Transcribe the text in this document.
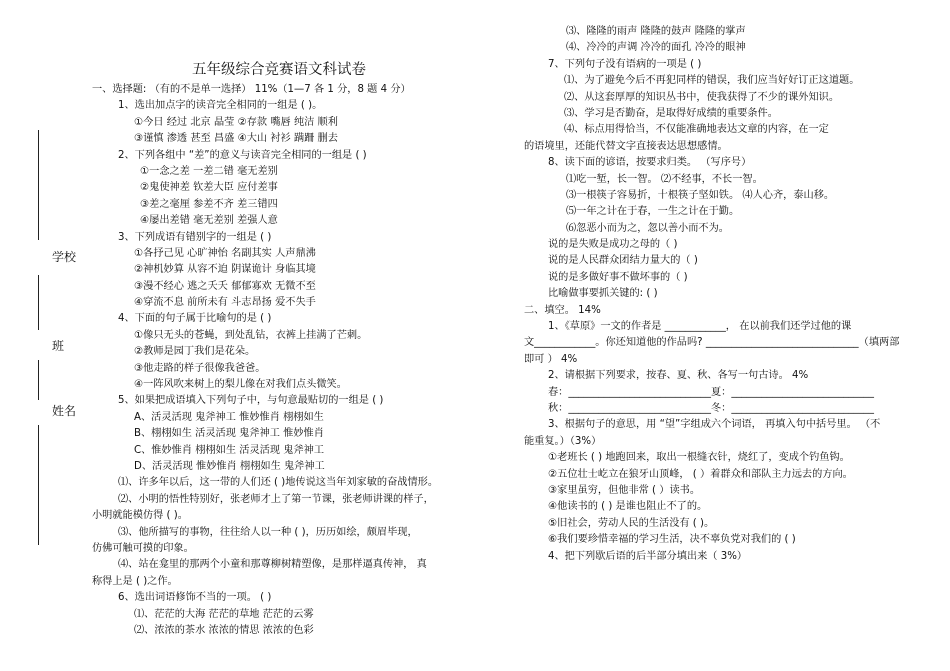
学校
班
姓名
五年级综合竞赛语文科试卷
一、选择题: （有的不是单一选择） 11%（1—7 各 1 分，8 题 4 分）
1、选出加点字的读音完全相同的一组是 ( )。
①今日 经过 北京 晶莹 ②存款 嘴唇 纯洁 顺利
③谨慎 渗透 甚至 昌盛 ④大山 衬衫 蹒跚 删去
2、下列各组中 “差”的意义与读音完全相同的一组是 ( )
①一念之差 一差二错 毫无差别
②鬼使神差 钦差大臣 应付差事
③差之毫厘 参差不齐 差三错四
④屡出差错 毫无差别 差强人意
3、下列成语有错别字的一组是 ( )
①各抒己见 心旷神怡 名副其实 人声鼎沸
②神机妙算 从容不迫 阴谋诡计 身临其境
③漫不经心 逃之夭夭 郁郁寡欢 无微不至
④穿流不息 前所未有 斗志昂扬 爱不失手
4、下面的句子属于比喻句的是 ( )
①像只无头的苍蝇，到处乱钻，衣裤上挂满了芒刺。
②教师是园丁我们是花朵。
③他走路的样子很像我爸爸。
④一阵风吹来树上的梨儿像在对我们点头微笑。
5、如果把成语填入下列句子中，与句意最贴切的一组是 ( )
A、活灵活现 鬼斧神工 惟妙惟肖 栩栩如生
B、栩栩如生 活灵活现 鬼斧神工 惟妙惟肖
C、惟妙惟肖 栩栩如生 活灵活现 鬼斧神工
D、活灵活现 惟妙惟肖 栩栩如生 鬼斧神工
⑴、许多年以后，这一带的人们还 ( )地传说这当年刘家敏的奋战情形。
⑵、小明的悟性特别好，张老师才上了第一节课，张老师讲课的样子，
小明就能模仿得 ( )。
⑶、他所描写的事物，往往给人以一种 ( )，历历如绘，颇眉毕现，
仿佛可触可摸的印象。
⑷、站在龛里的那两个小童和那尊柳树精塑像，是那样逼真传神， 真
称得上是 ( )之作。
6、选出词语修饰不当的一项。 ( )
⑴、茫茫的大海 茫茫的草地 茫茫的云雾
⑵、浓浓的茶水 浓浓的情思 浓浓的色彩
⑶、隆隆的雨声 隆隆的鼓声 隆隆的掌声
⑷、冷冷的声调 冷冷的面孔 冷冷的眼神
7、下列句子没有语病的一项是 ( )
⑴、为了避免今后不再犯同样的错误，我们应当好好订正这道题。
⑵、从这套厚厚的知识丛书中，使我获得了不少的课外知识。
⑶、学习是否勤奋，是取得好成绩的重要条件。
⑷、标点用得恰当，不仅能准确地表达文章的内容，在一定
的语境里，还能代替文字直接表达思想感情。
8、读下面的谚语，按要求归类。 （写序号）
⑴吃一堑，长一智。 ⑵不经事，不长一智。
⑶一根筷子容易折，十根筷子坚如铁。 ⑷人心齐，泰山移。
⑸一年之计在于春，一生之计在于勤。
⑹忽恶小而为之，忽以善小而不为。
说的是失败是成功之母的（ )
说的是人民群众团结力量大的（ )
说的是多做好事不做坏事的（ )
比喻做事要抓关键的: ( )
二、填空。 14%
1、《草原》一文的作者是 ____________， 在以前我们还学过他的课
文____________。你还知道他的作品吗? ______________________________（填两部
即可 ） 4%
2、请根据下列要求，按春、夏、秋、各写一句古诗。 4%
春：____________________________夏：____________________________
秋：____________________________冬：____________________________
3、根据句子的意思，用 “望”字组成六个词语， 再填入句中括号里。 （不
能重复。）（3%）
①老班长 ( ) 地跑回来，取出一根缝衣针，烧红了，变成个钓鱼钩。
②五位壮士屹立在狼牙山顶峰， ( ）着群众和部队主力远去的方向。
③家里虽穷，但他非常 ( ）读书。
④他读书的 ( ) 是谁也阻止不了的。
⑤旧社会，劳动人民的生活没有 ( )。
⑥我们要珍惜幸福的学习生活，决不辜负党对我们的 ( )
4、把下列歇后语的后半部分填出来（ 3%）
